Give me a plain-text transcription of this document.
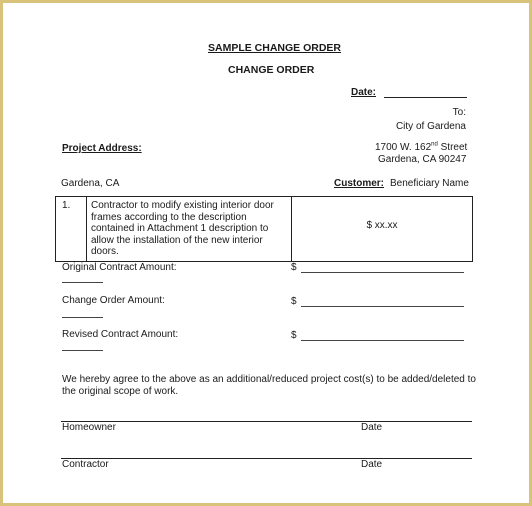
SAMPLE CHANGE ORDER
CHANGE ORDER
Date:
To:
City of Gardena
Project Address:	1700 W. 162nd Street
Gardena, CA 90247
Gardena, CA	Customer: Beneficiary Name
1.	Contractor to modify existing interior door frames according to the description contained in Attachment 1 description to allow the installation of the new interior doors.	$ xx.xx
Original Contract Amount:	$
Change Order Amount:	$
Revised Contract Amount:	$
We hereby agree to the above as an additional/reduced project cost(s) to be added/deleted to
the original scope of work.
Homeowner	Date
Contractor	Date
